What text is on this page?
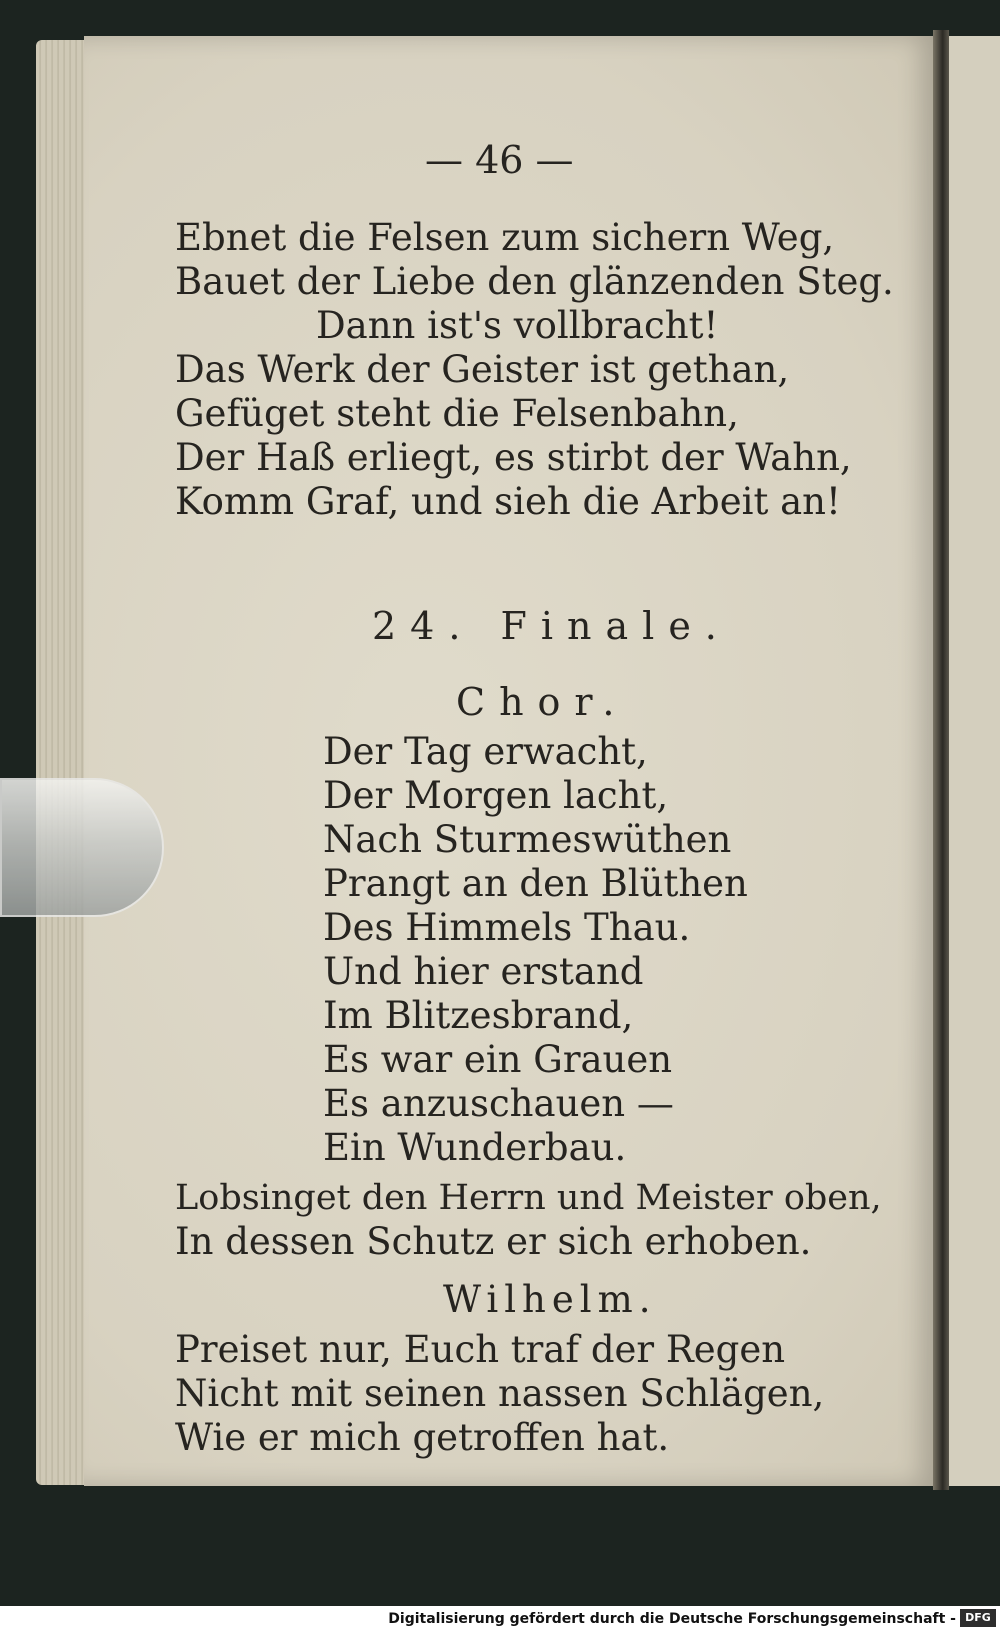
— 46 —
Ebnet die Felsen zum sichern Weg,
Bauet der Liebe den glänzenden Steg.
Dann ist's vollbracht!
Das Werk der Geister ist gethan,
Gefüget steht die Felsenbahn,
Der Haß erliegt, es stirbt der Wahn,
Komm Graf, und sieh die Arbeit an!
24. Finale.
Chor.
Der Tag erwacht,
Der Morgen lacht,
Nach Sturmeswüthen
Prangt an den Blüthen
Des Himmels Thau.
Und hier erstand
Im Blitzesbrand,
Es war ein Grauen
Es anzuschauen —
Ein Wunderbau.
Lobsinget den Herrn und Meister oben,
In dessen Schutz er sich erhoben.
Wilhelm.
Preiset nur, Euch traf der Regen
Nicht mit seinen nassen Schlägen,
Wie er mich getroffen hat.
Digitalisierung gefördert durch die Deutsche Forschungsgemeinschaft - DFG
